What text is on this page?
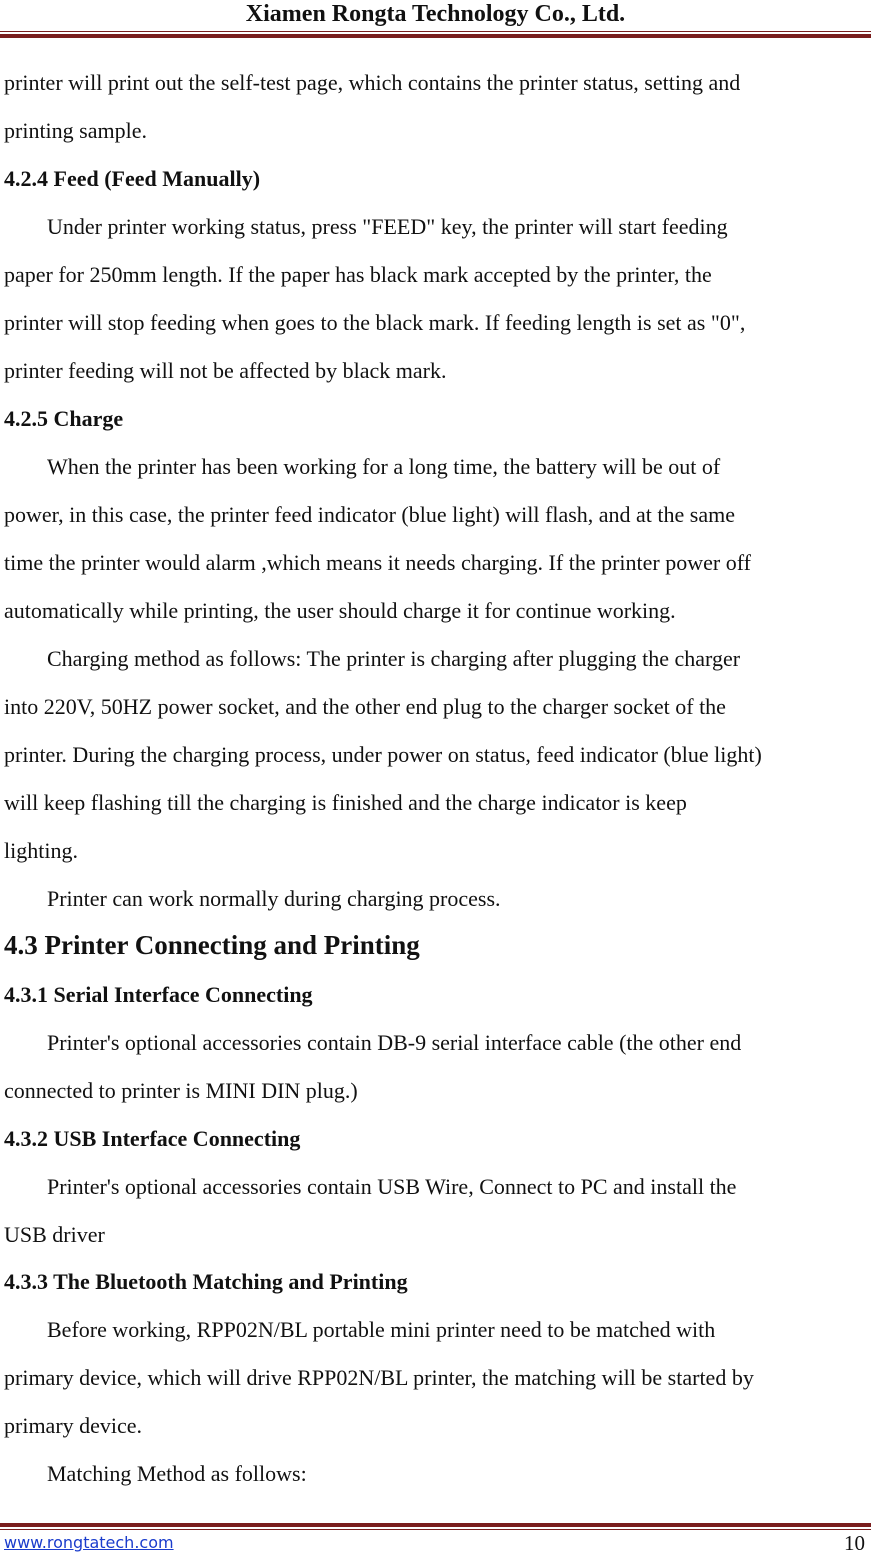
Xiamen Rongta Technology Co., Ltd.
printer will print out the self-test page, which contains the printer status, setting and
printing sample.
4.2.4 Feed (Feed Manually)
Under printer working status, press "FEED" key, the printer will start feeding
paper for 250mm length. If the paper has black mark accepted by the printer, the
printer will stop feeding when goes to the black mark. If feeding length is set as "0",
printer feeding will not be affected by black mark.
4.2.5 Charge
When the printer has been working for a long time, the battery will be out of
power, in this case, the printer feed indicator (blue light) will flash, and at the same
time the printer would alarm ,which means it needs charging. If the printer power off
automatically while printing, the user should charge it for continue working.
Charging method as follows: The printer is charging after plugging the charger
into 220V, 50HZ power socket, and the other end plug to the charger socket of the
printer. During the charging process, under power on status, feed indicator (blue light)
will keep flashing till the charging is finished and the charge indicator is keep
lighting.
Printer can work normally during charging process.
4.3 Printer Connecting and Printing
4.3.1 Serial Interface Connecting
Printer's optional accessories contain DB-9 serial interface cable (the other end
connected to printer is MINI DIN plug.)
4.3.2 USB Interface Connecting
Printer's optional accessories contain USB Wire, Connect to PC and install the
USB driver
4.3.3 The Bluetooth Matching and Printing
Before working, RPP02N/BL portable mini printer need to be matched with
primary device, which will drive RPP02N/BL printer, the matching will be started by
primary device.
Matching Method as follows:
www.rongtatech.com	10
